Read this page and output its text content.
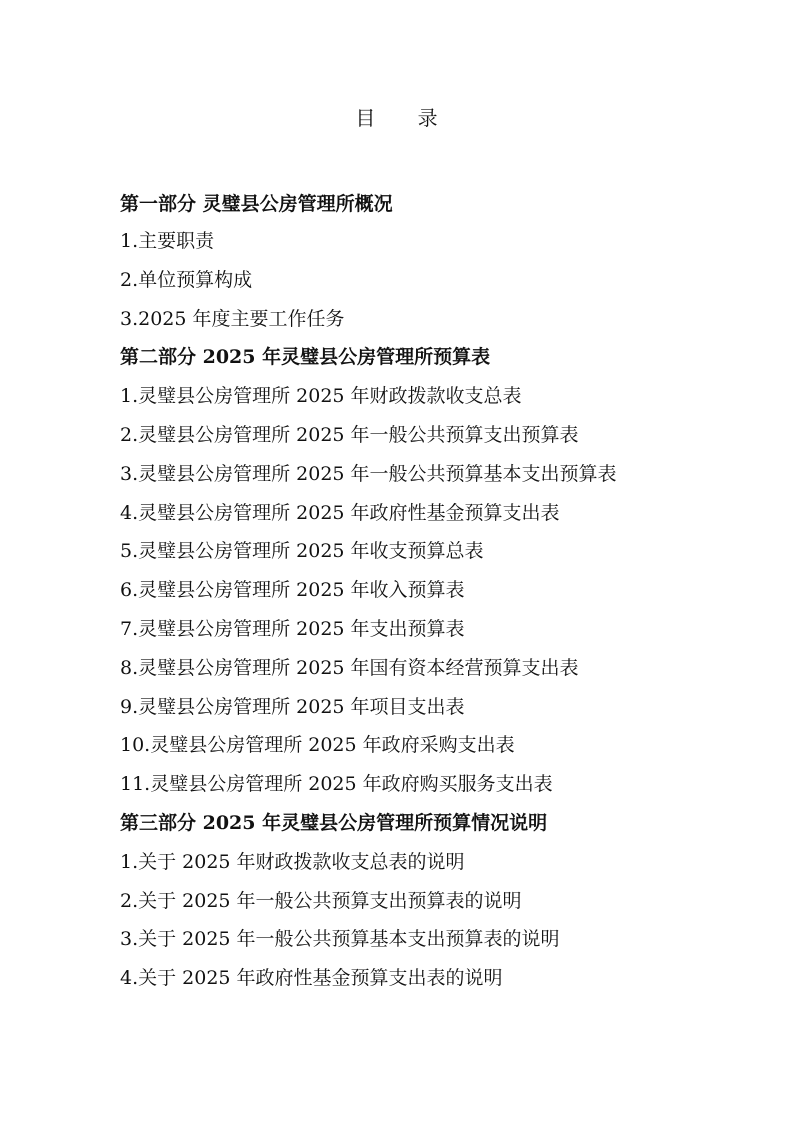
目 录
第一部分 灵璧县公房管理所概况
1.主要职责
2.单位预算构成
3.2025 年度主要工作任务
第二部分 2025 年灵璧县公房管理所预算表
1.灵璧县公房管理所 2025 年财政拨款收支总表
2.灵璧县公房管理所 2025 年一般公共预算支出预算表
3.灵璧县公房管理所 2025 年一般公共预算基本支出预算表
4.灵璧县公房管理所 2025 年政府性基金预算支出表
5.灵璧县公房管理所 2025 年收支预算总表
6.灵璧县公房管理所 2025 年收入预算表
7.灵璧县公房管理所 2025 年支出预算表
8.灵璧县公房管理所 2025 年国有资本经营预算支出表
9.灵璧县公房管理所 2025 年项目支出表
10.灵璧县公房管理所 2025 年政府采购支出表
11.灵璧县公房管理所 2025 年政府购买服务支出表
第三部分 2025 年灵璧县公房管理所预算情况说明
1.关于 2025 年财政拨款收支总表的说明
2.关于 2025 年一般公共预算支出预算表的说明
3.关于 2025 年一般公共预算基本支出预算表的说明
4.关于 2025 年政府性基金预算支出表的说明
